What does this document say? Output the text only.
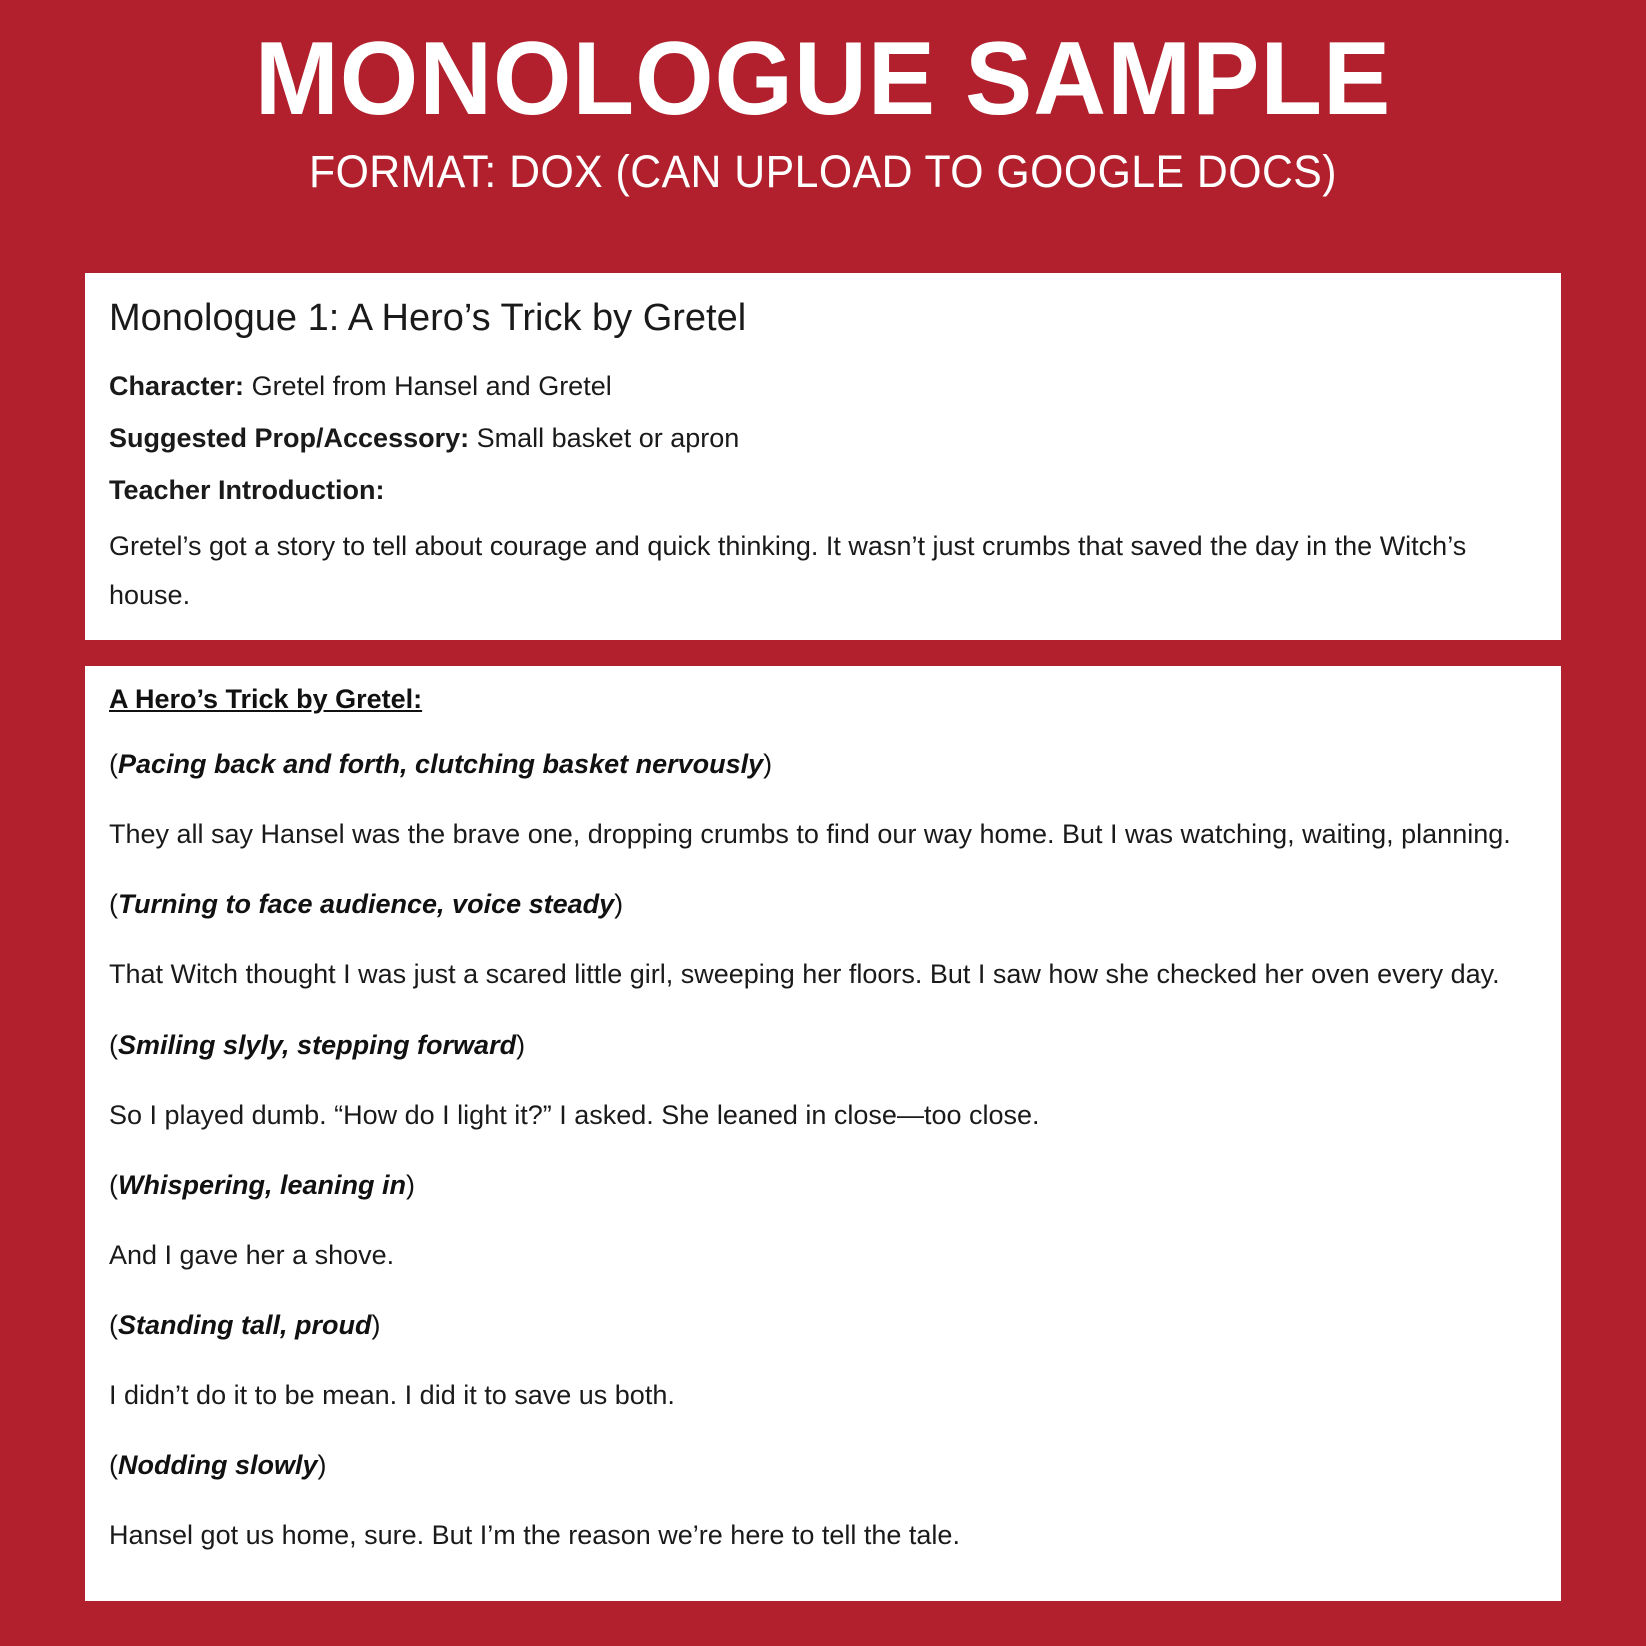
MONOLOGUE SAMPLE

FORMAT: DOX (CAN UPLOAD TO GOOGLE DOCS)

Monologue 1: A Hero’s Trick by Gretel

Character: Gretel from Hansel and Gretel

Suggested Prop/Accessory: Small basket or apron

Teacher Introduction:

Gretel’s got a story to tell about courage and quick thinking. It wasn’t just crumbs that saved the day in the Witch’s house.

A Hero’s Trick by Gretel:

(Pacing back and forth, clutching basket nervously)

They all say Hansel was the brave one, dropping crumbs to find our way home. But I was watching, waiting, planning.

(Turning to face audience, voice steady)

That Witch thought I was just a scared little girl, sweeping her floors. But I saw how she checked her oven every day.

(Smiling slyly, stepping forward)

So I played dumb. “How do I light it?” I asked. She leaned in close—too close.

(Whispering, leaning in)

And I gave her a shove.

(Standing tall, proud)

I didn’t do it to be mean. I did it to save us both.

(Nodding slowly)

Hansel got us home, sure. But I’m the reason we’re here to tell the tale.
